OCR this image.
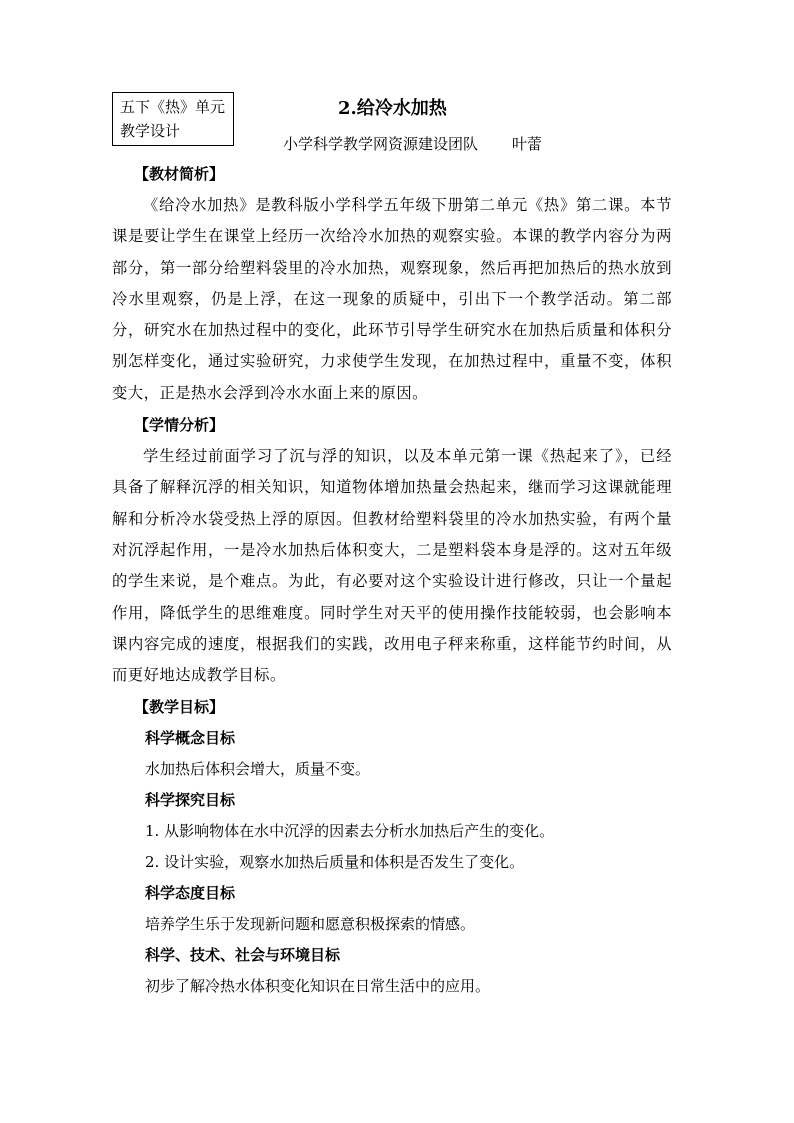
五下《热》单元
教学设计
2.给冷水加热
小学科学教学网资源建设团队 叶蕾

【教材简析】

《给冷水加热》是教科版小学科学五年级下册第二单元《热》第二课。本节课是要让学生在课堂上经历一次给冷水加热的观察实验。本课的教学内容分为两部分，第一部分给塑料袋里的冷水加热，观察现象，然后再把加热后的热水放到冷水里观察，仍是上浮，在这一现象的质疑中，引出下一个教学活动。第二部分，研究水在加热过程中的变化，此环节引导学生研究水在加热后质量和体积分别怎样变化，通过实验研究，力求使学生发现，在加热过程中，重量不变，体积变大，正是热水会浮到冷水水面上来的原因。

【学情分析】

学生经过前面学习了沉与浮的知识，以及本单元第一课《热起来了》，已经具备了解释沉浮的相关知识，知道物体增加热量会热起来，继而学习这课就能理解和分析冷水袋受热上浮的原因。但教材给塑料袋里的冷水加热实验，有两个量对沉浮起作用，一是冷水加热后体积变大，二是塑料袋本身是浮的。这对五年级的学生来说，是个难点。为此，有必要对这个实验设计进行修改，只让一个量起作用，降低学生的思维难度。同时学生对天平的使用操作技能较弱，也会影响本课内容完成的速度，根据我们的实践，改用电子秤来称重，这样能节约时间，从而更好地达成教学目标。

【教学目标】

科学概念目标

水加热后体积会增大，质量不变。

科学探究目标

1. 从影响物体在水中沉浮的因素去分析水加热后产生的变化。

2. 设计实验，观察水加热后质量和体积是否发生了变化。

科学态度目标

培养学生乐于发现新问题和愿意积极探索的情感。

科学、技术、社会与环境目标

初步了解冷热水体积变化知识在日常生活中的应用。
